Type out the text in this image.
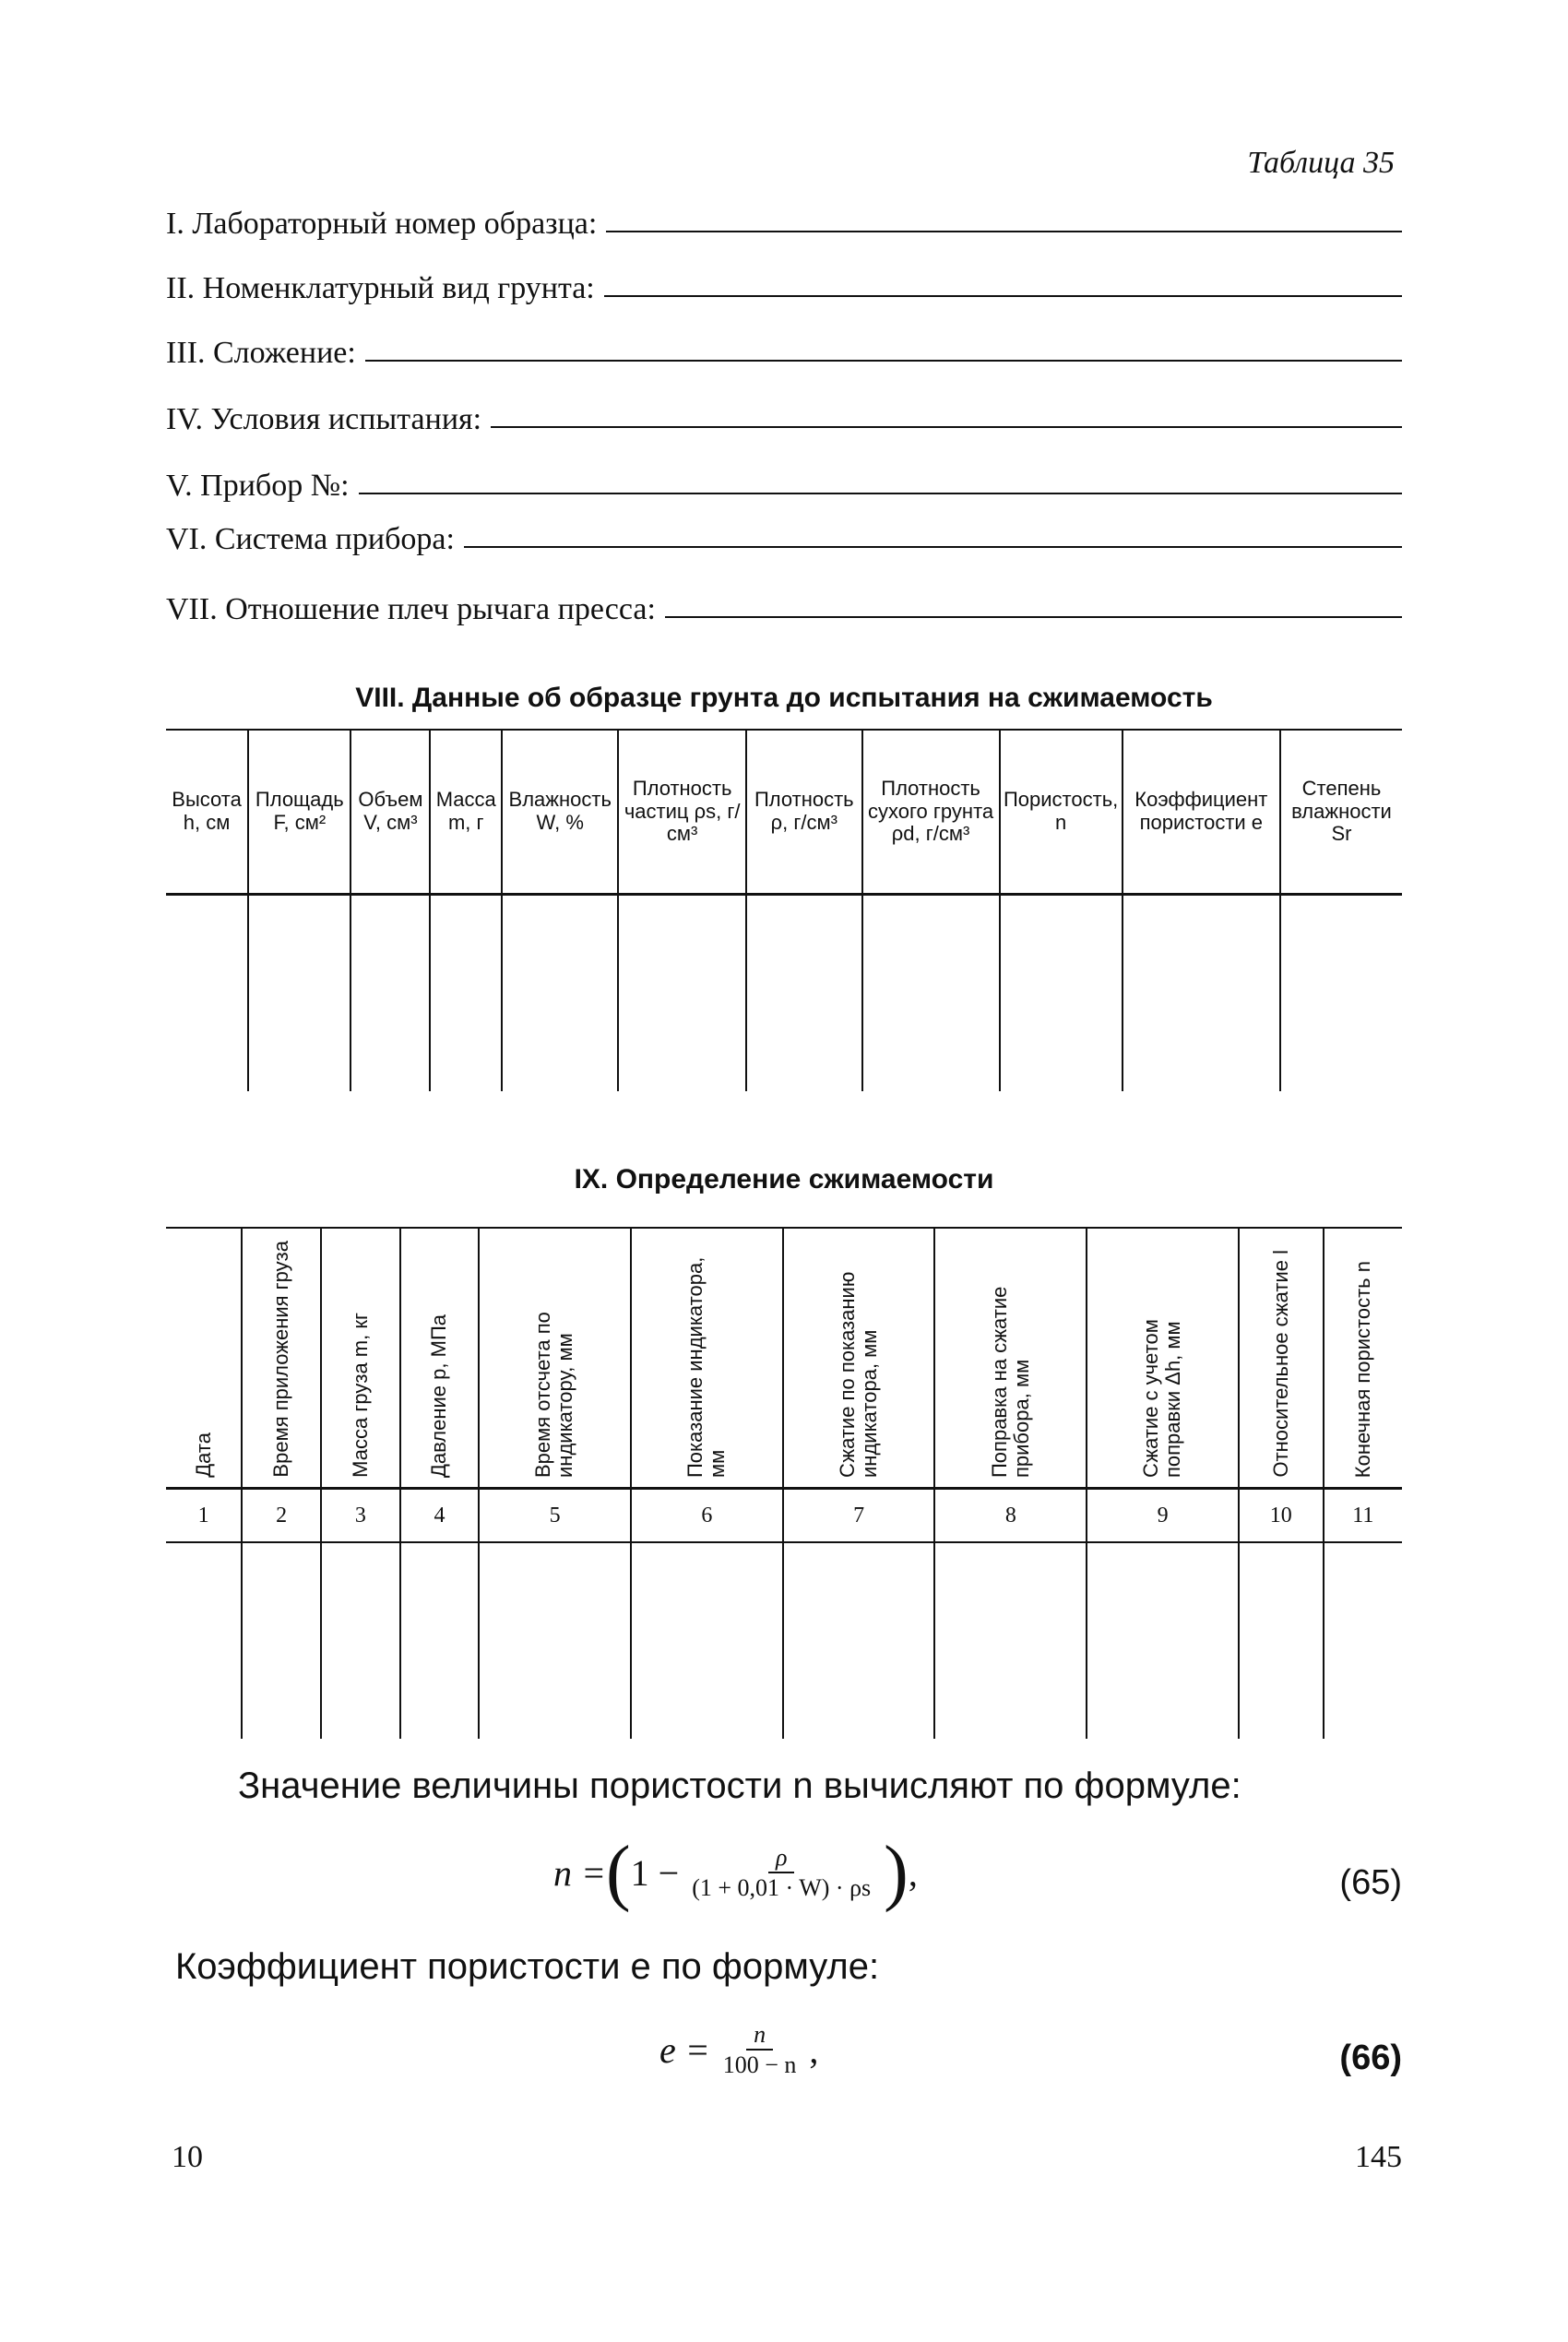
Таблица 35
I. Лабораторный номер образца:
II. Номенклатурный вид грунта:
III. Сложение:
IV. Условия испытания:
V. Прибор №:
VI. Система прибора:
VII. Отношение плеч рычага пресса:
VIII. Данные об образце грунта до испытания на сжимаемость
Высота h, см	Площадь F, см²	Объем V, см³	Масса m, г	Влажность W, %	Плотность частиц ρs, г/см³	Плотность ρ, г/см³	Плотность сухого грунта ρd, г/см³	Пористость, n	Коэффициент пористости e	Степень влажности Sr

IX. Определение сжимаемости
Дата	Время приложения груза	Масса груза m, кг	Давление p, МПа	Время отсчета по индикатору, мм	Показание индикатора, мм	Сжатие по показанию индикатора, мм	Поправка на сжатие прибора, мм	Сжатие с учетом поправки Δh, мм	Относительное сжатие l	Конечная пористость n

1	2	3	4	5	6	7	8	9	10	11

Значение величины пористости n вычисляют по формуле:
n = ( $1 - \frac{\rho}{(1 + 0,01 \cdot W) \cdot \rho s}$ ) ,	(65)
Коэффициент пористости e по формуле:
$e = \frac{n}{100 - n}$ ,	(66)
10	145
